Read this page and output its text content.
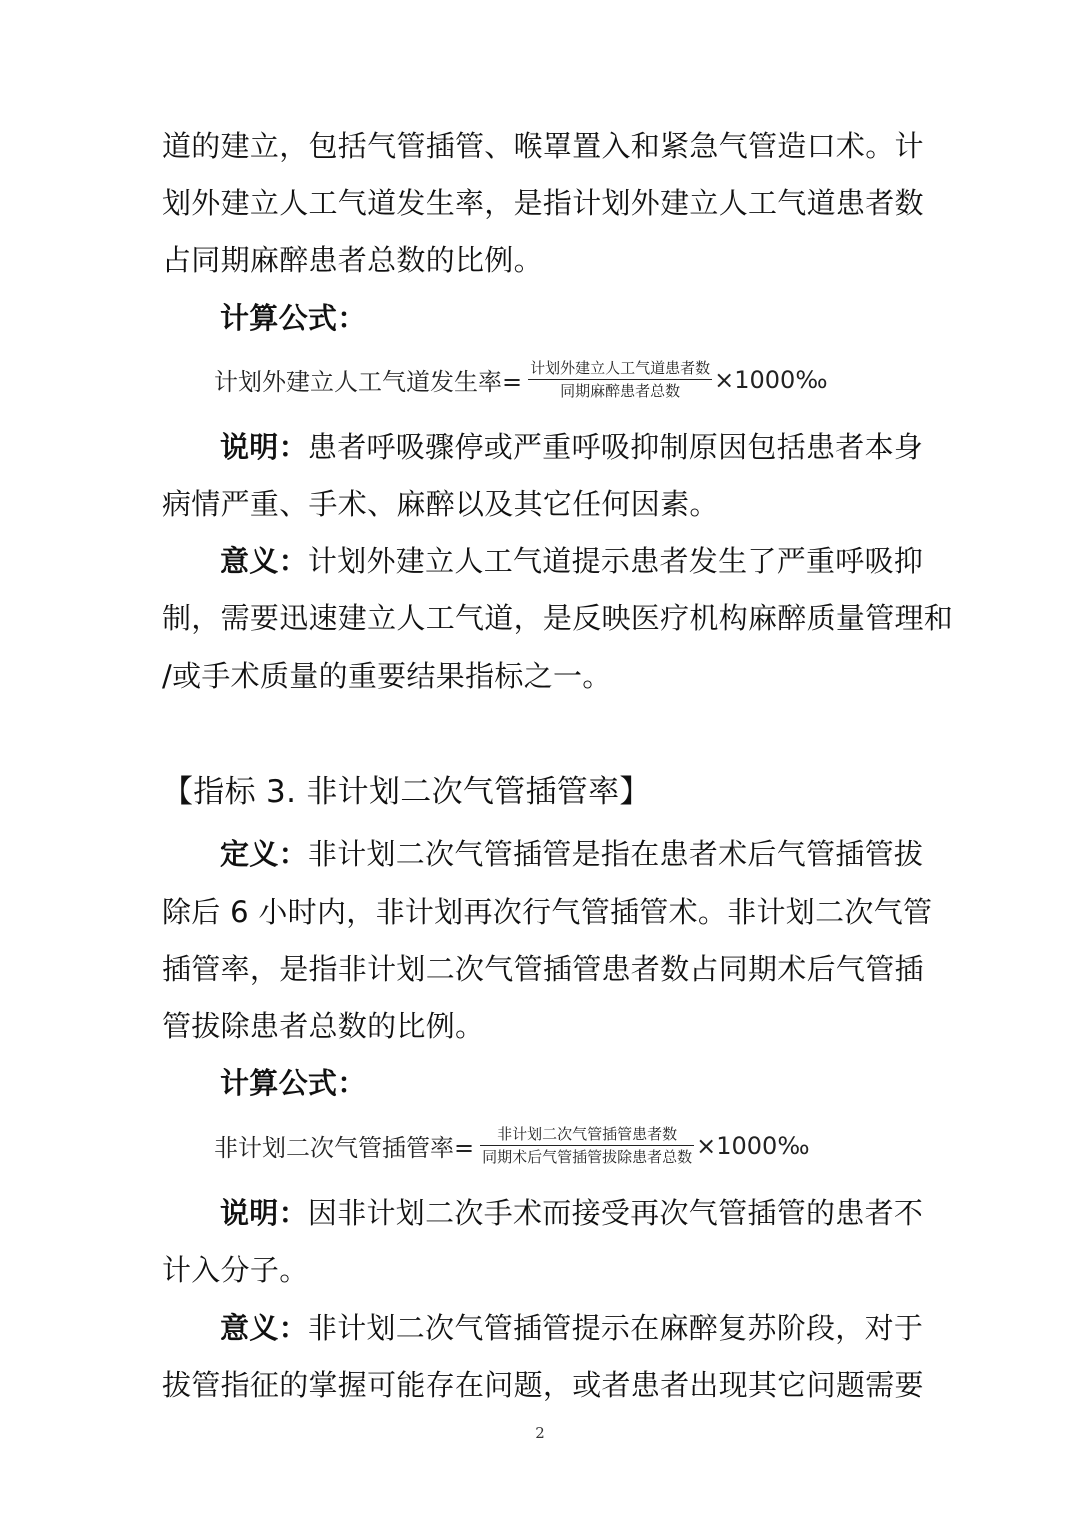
道的建立，包括气管插管、喉罩置入和紧急气管造口术。计
划外建立人工气道发生率，是指计划外建立人工气道患者数
占同期麻醉患者总数的比例。
计算公式：
计划外建立人工气道发生率= $\frac{\text{计划外建立人工气道患者数}}{\text{同期麻醉患者总数}}$ ×1000‰
说明：患者呼吸骤停或严重呼吸抑制原因包括患者本身
病情严重、手术、麻醉以及其它任何因素。
意义：计划外建立人工气道提示患者发生了严重呼吸抑
制，需要迅速建立人工气道，是反映医疗机构麻醉质量管理和
/或手术质量的重要结果指标之一。
【指标 3. 非计划二次气管插管率】
定义：非计划二次气管插管是指在患者术后气管插管拔
除后 6 小时内，非计划再次行气管插管术。非计划二次气管
插管率，是指非计划二次气管插管患者数占同期术后气管插
管拔除患者总数的比例。
计算公式：
非计划二次气管插管率= $\frac{\text{非计划二次气管插管患者数}}{\text{同期术后气管插管拔除患者总数}}$ ×1000‰
说明：因非计划二次手术而接受再次气管插管的患者不
计入分子。
意义：非计划二次气管插管提示在麻醉复苏阶段，对于
拔管指征的掌握可能存在问题，或者患者出现其它问题需要
2
